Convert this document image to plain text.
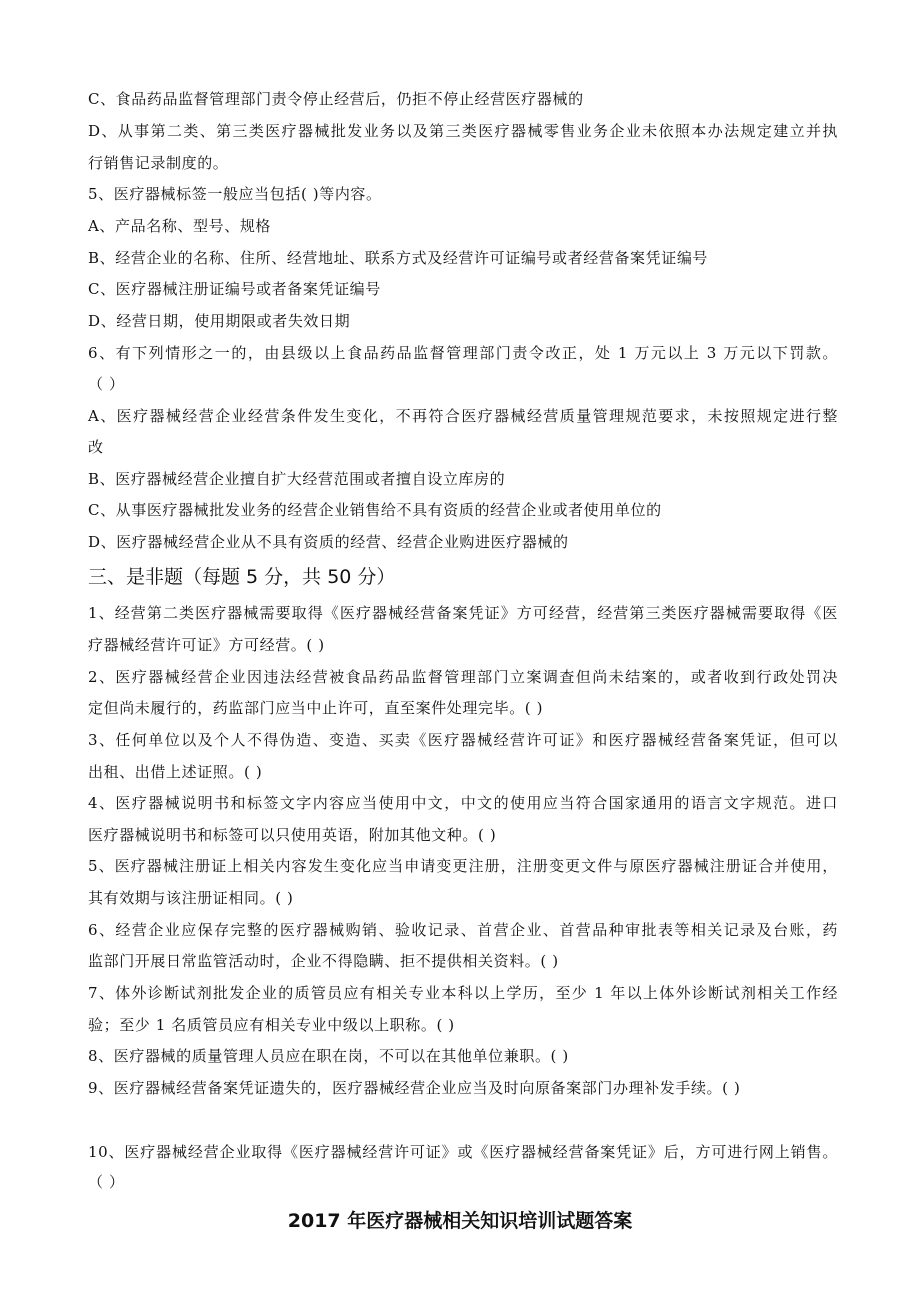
C、食品药品监督管理部门责令停止经营后，仍拒不停止经营医疗器械的
D、从事第二类、第三类医疗器械批发业务以及第三类医疗器械零售业务企业未依照本办法规定建立并执
行销售记录制度的。
5、医疗器械标签一般应当包括( )等内容。
A、产品名称、型号、规格
B、经营企业的名称、住所、经营地址、联系方式及经营许可证编号或者经营备案凭证编号
C、医疗器械注册证编号或者备案凭证编号
D、经营日期，使用期限或者失效日期
6、有下列情形之一的，由县级以上食品药品监督管理部门责令改正，处 1 万元以上 3 万元以下罚款。
（ ）
A、医疗器械经营企业经营条件发生变化，不再符合医疗器械经营质量管理规范要求，未按照规定进行整
改
B、医疗器械经营企业擅自扩大经营范围或者擅自设立库房的
C、从事医疗器械批发业务的经营企业销售给不具有资质的经营企业或者使用单位的
D、医疗器械经营企业从不具有资质的经营、经营企业购进医疗器械的
三、是非题（每题 5 分，共 50 分）
1、经营第二类医疗器械需要取得《医疗器械经营备案凭证》方可经营，经营第三类医疗器械需要取得《医
疗器械经营许可证》方可经营。( )
2、医疗器械经营企业因违法经营被食品药品监督管理部门立案调查但尚未结案的，或者收到行政处罚决
定但尚未履行的，药监部门应当中止许可，直至案件处理完毕。( )
3、任何单位以及个人不得伪造、变造、买卖《医疗器械经营许可证》和医疗器械经营备案凭证，但可以
出租、出借上述证照。( )
4、医疗器械说明书和标签文字内容应当使用中文，中文的使用应当符合国家通用的语言文字规范。进口
医疗器械说明书和标签可以只使用英语，附加其他文种。( )
5、医疗器械注册证上相关内容发生变化应当申请变更注册，注册变更文件与原医疗器械注册证合并使用，
其有效期与该注册证相同。( )
6、经营企业应保存完整的医疗器械购销、验收记录、首营企业、首营品种审批表等相关记录及台账，药
监部门开展日常监管活动时，企业不得隐瞒、拒不提供相关资料。( )
7、体外诊断试剂批发企业的质管员应有相关专业本科以上学历，至少 1 年以上体外诊断试剂相关工作经
验；至少 1 名质管员应有相关专业中级以上职称。( )
8、医疗器械的质量管理人员应在职在岗，不可以在其他单位兼职。( )
9、医疗器械经营备案凭证遗失的，医疗器械经营企业应当及时向原备案部门办理补发手续。( )
10、医疗器械经营企业取得《医疗器械经营许可证》或《医疗器械经营备案凭证》后，方可进行网上销售。
（ ）
2017 年医疗器械相关知识培训试题答案
